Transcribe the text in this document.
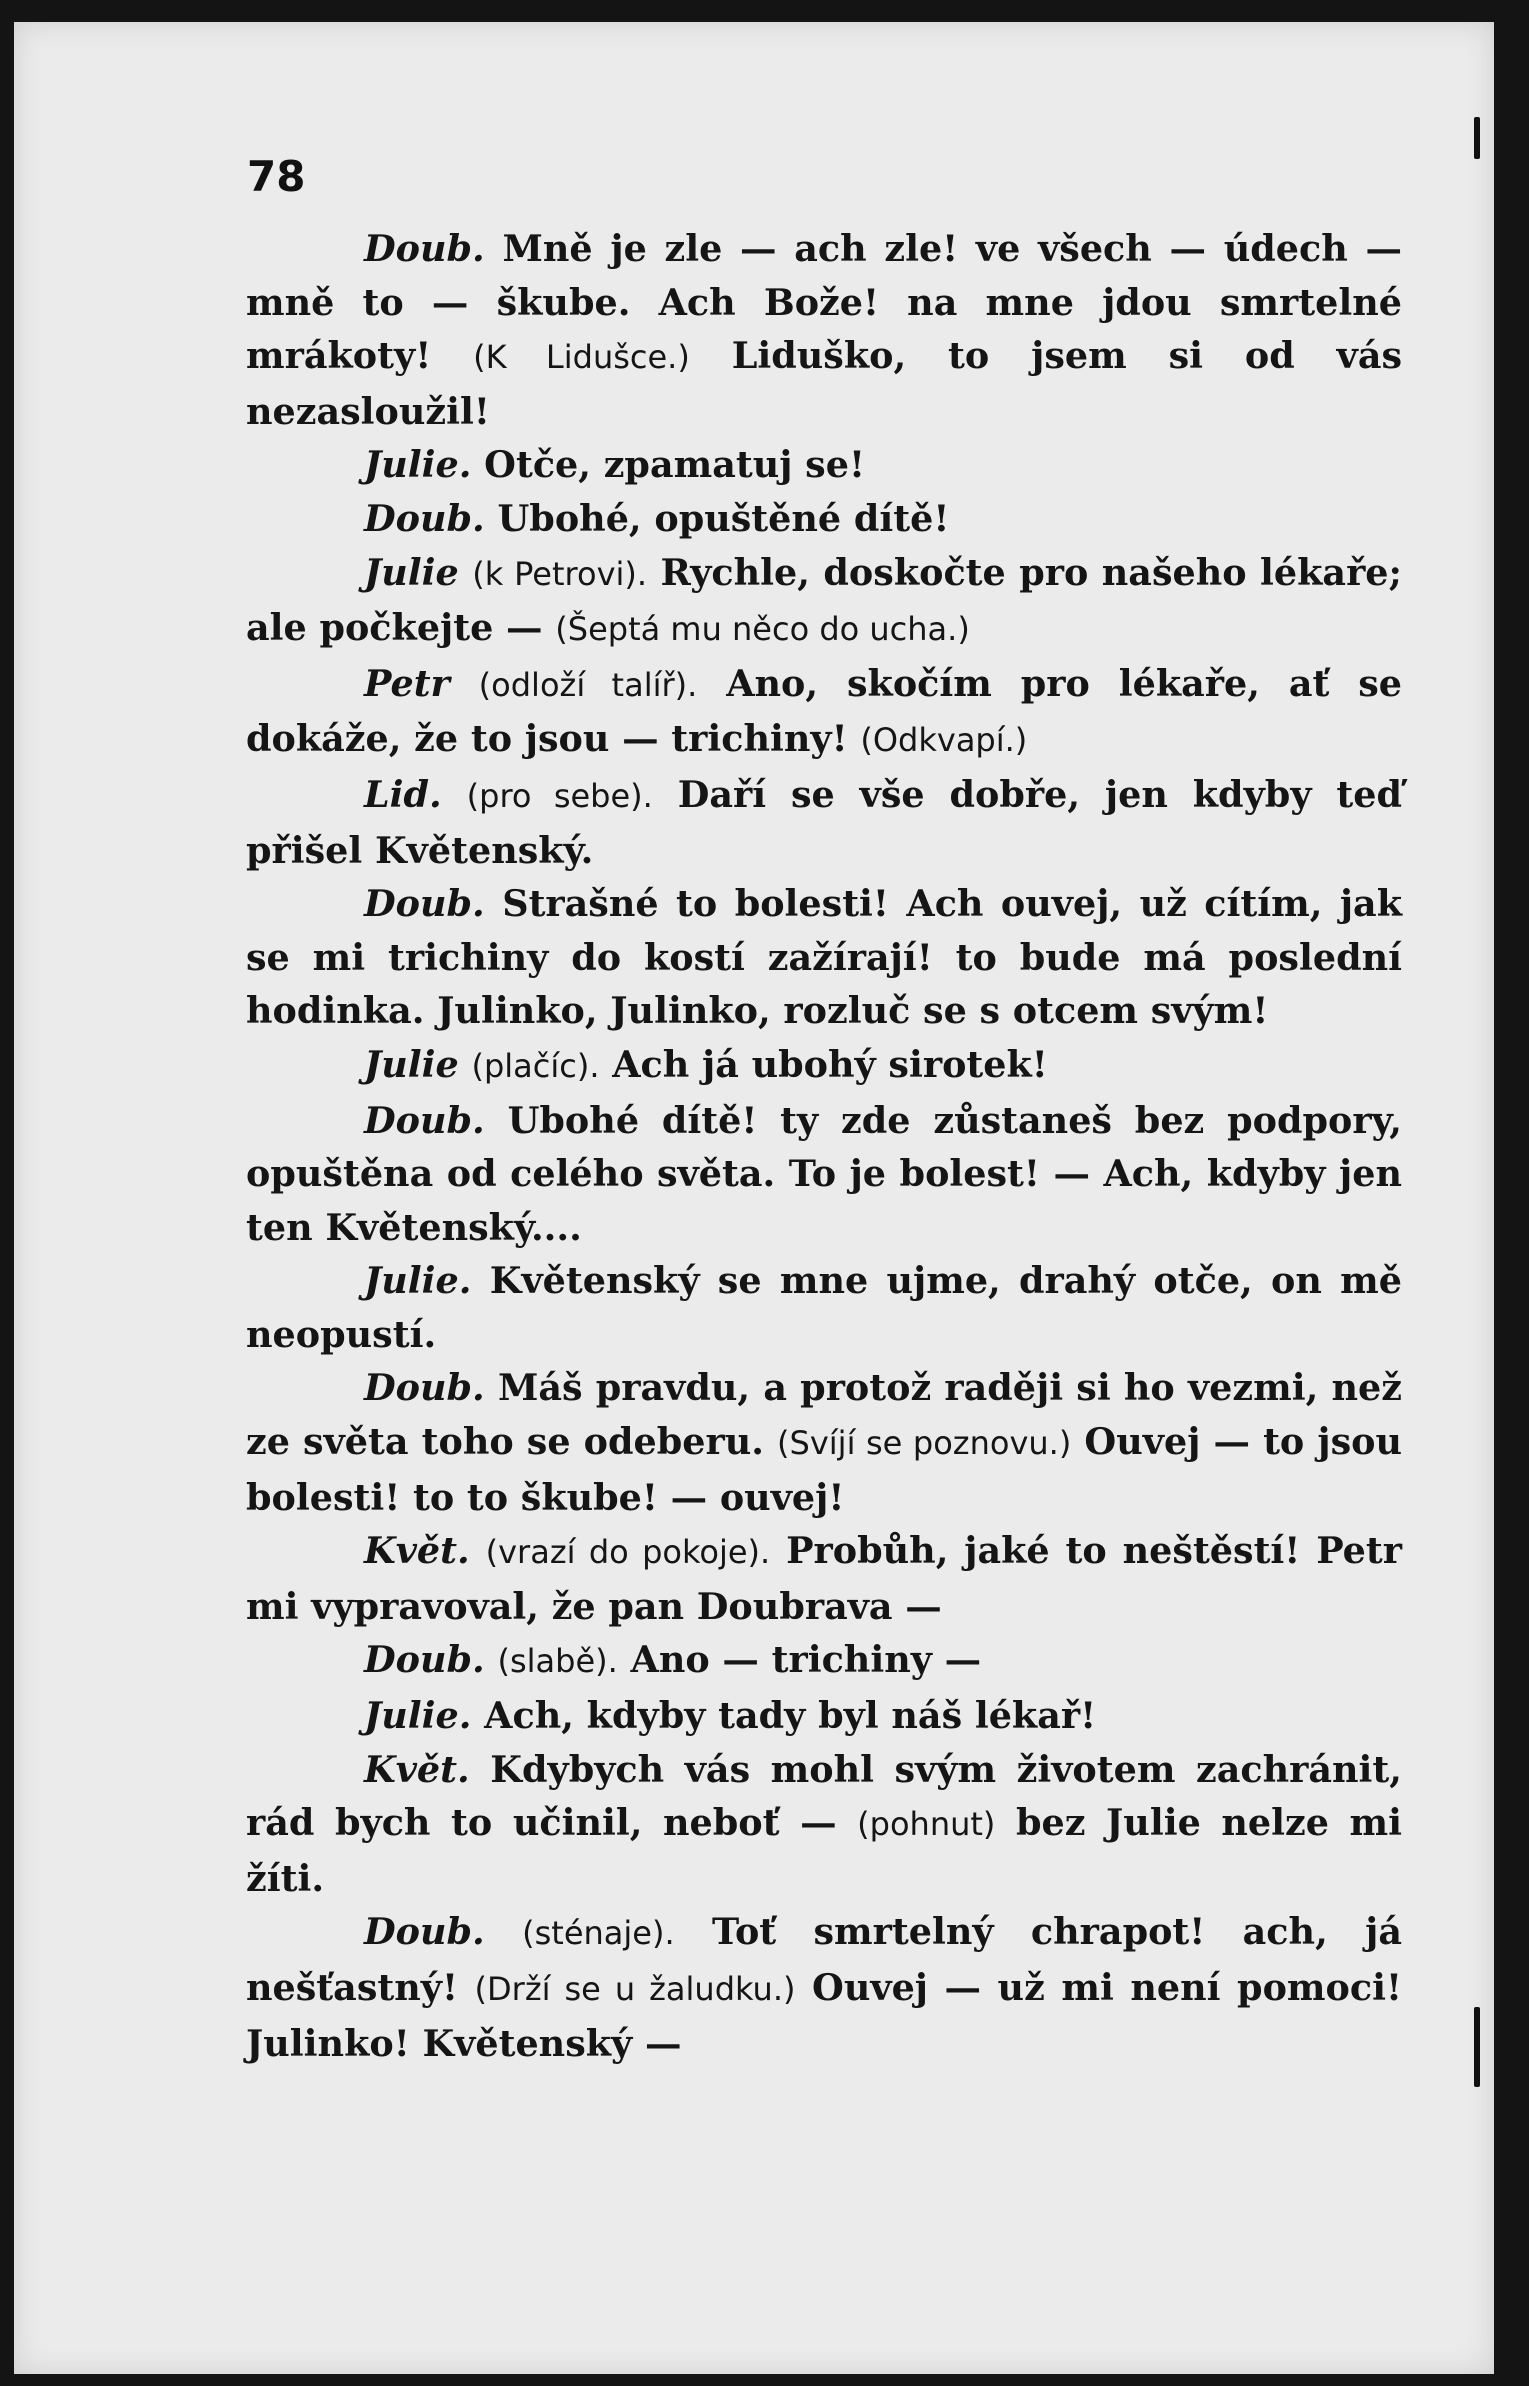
78

Doub. Mně je zle — ach zle! ve všech — údech — mně to — škube. Ach Bože! na mne jdou smrtelné mrákoty! (K Lidušce.) Liduško, to jsem si od vás nezasloužil!

Julie. Otče, zpamatuj se!

Doub. Ubohé, opuštěné dítě!

Julie (k Petrovi). Rychle, doskočte pro našeho lékaře; ale počkejte — (Šeptá mu něco do ucha.)

Petr (odloží talíř). Ano, skočím pro lékaře, ať se dokáže, že to jsou — trichiny! (Odkvapí.)

Lid. (pro sebe). Daří se vše dobře, jen kdyby teď přišel Květenský.

Doub. Strašné to bolesti! Ach ouvej, už cítím, jak se mi trichiny do kostí zažírají! to bude má poslední hodinka. Julinko, Julinko, rozluč se s otcem svým!

Julie (plačíc). Ach já ubohý sirotek!

Doub. Ubohé dítě! ty zde zůstaneš bez podpory, opuštěna od celého světa. To je bolest! — Ach, kdyby jen ten Květenský....

Julie. Květenský se mne ujme, drahý otče, on mě neopustí.

Doub. Máš pravdu, a protož raději si ho vezmi, než ze světa toho se odeberu. (Svíjí se poznovu.) Ouvej — to jsou bolesti! to to škube! — ouvej!

Květ. (vrazí do pokoje). Probůh, jaké to neštěstí! Petr mi vypravoval, že pan Doubrava —

Doub. (slabě). Ano — trichiny —

Julie. Ach, kdyby tady byl náš lékař!

Květ. Kdybych vás mohl svým životem zachránit, rád bych to učinil, neboť — (pohnut) bez Julie nelze mi žíti.

Doub. (sténaje). Toť smrtelný chrapot! ach, já nešťastný! (Drží se u žaludku.) Ouvej — už mi není pomoci! Julinko! Květenský —
